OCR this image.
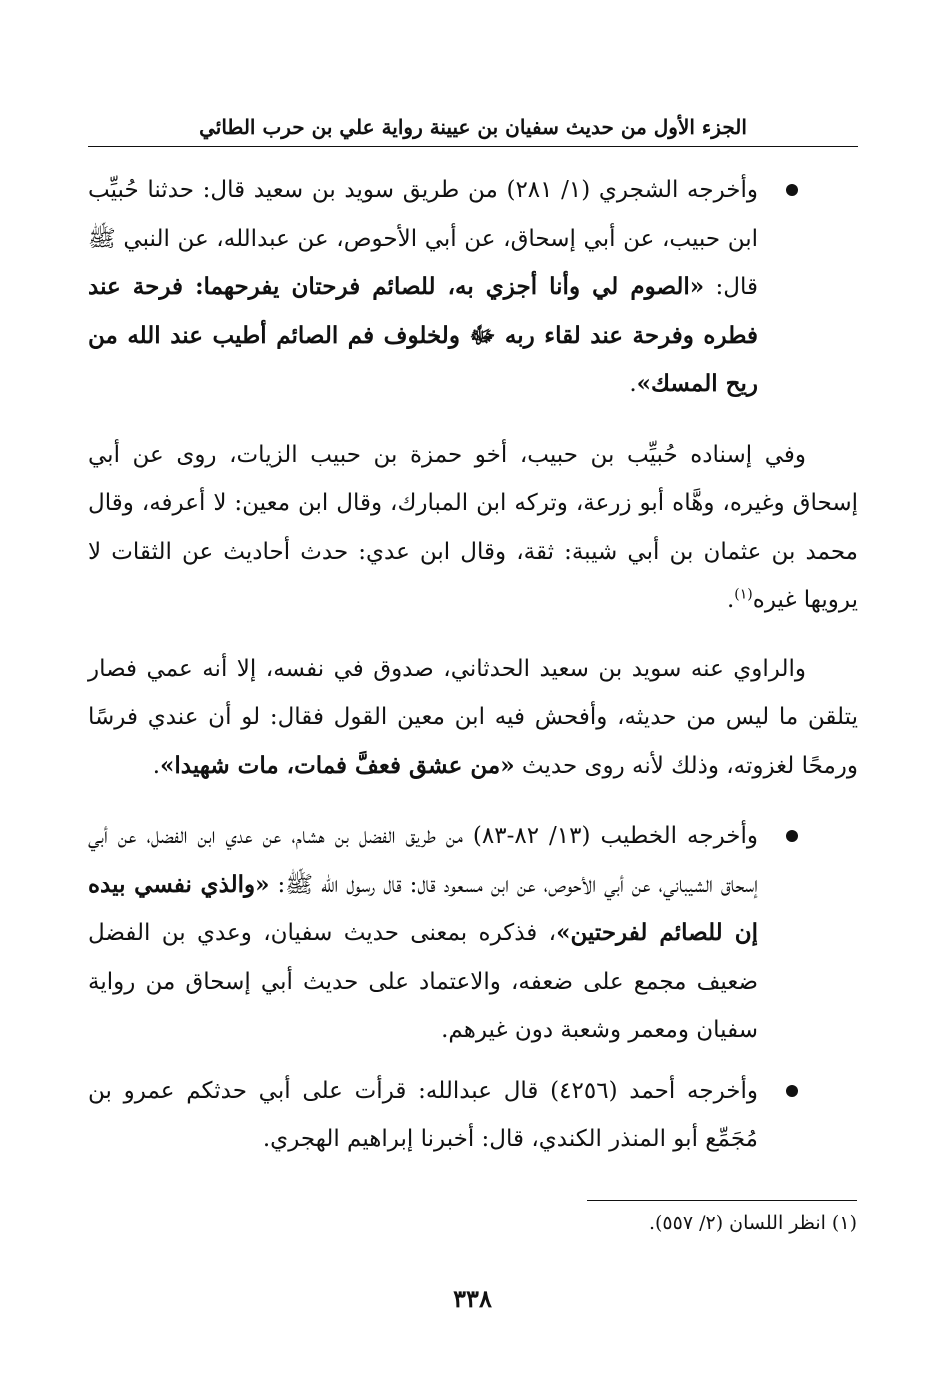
الجزء الأول من حديث سفيان بن عيينة رواية علي بن حرب الطائي

وأخرجه الشجري (١/ ٢٨١) من طريق سويد بن سعيد قال: حدثنا حُبيِّب ابن حبيب، عن أبي إسحاق، عن أبي الأحوص، عن عبدالله، عن النبي ﷺ قال: «الصوم لي وأنا أجزي به، للصائم فرحتان يفرحهما: فرحة عند فطره وفرحة عند لقاء ربه ﷻ ولخلوف فم الصائم أطيب عند الله من ريح المسك».

وفي إسناده حُبيِّب بن حبيب، أخو حمزة بن حبيب الزيات، روى عن أبي إسحاق وغيره، وهَّاه أبو زرعة، وتركه ابن المبارك، وقال ابن معين: لا أعرفه، وقال محمد بن عثمان بن أبي شيبة: ثقة، وقال ابن عدي: حدث أحاديث عن الثقات لا يرويها غيره$^{(١)}$.

والراوي عنه سويد بن سعيد الحدثاني، صدوق في نفسه، إلا أنه عمي فصار يتلقن ما ليس من حديثه، وأفحش فيه ابن معين القول فقال: لو أن عندي فرسًا ورمحًا لغزوته، وذلك لأنه روى حديث «من عشق فعفَّ فمات، مات شهيدا».

وأخرجه الخطيب (١٣/ ٨٢-٨٣) من طريق الفضل بن هشام، عن عدي ابن الفضل، عن أبي إسحاق الشيباني، عن أبي الأحوص، عن ابن مسعود قال: قال رسول الله ﷺ: «والذي نفسي بيده إن للصائم لفرحتين»، فذكره بمعنى حديث سفيان، وعدي بن الفضل ضعيف مجمع على ضعفه، والاعتماد على حديث أبي إسحاق من رواية سفيان ومعمر وشعبة دون غيرهم.

وأخرجه أحمد (٤٢٥٦) قال عبدالله: قرأت على أبي حدثكم عمرو بن مُجَمِّع أبو المنذر الكندي، قال: أخبرنا إبراهيم الهجري.

(١) انظر اللسان (٢/ ٥٥٧).
٣٣٨
